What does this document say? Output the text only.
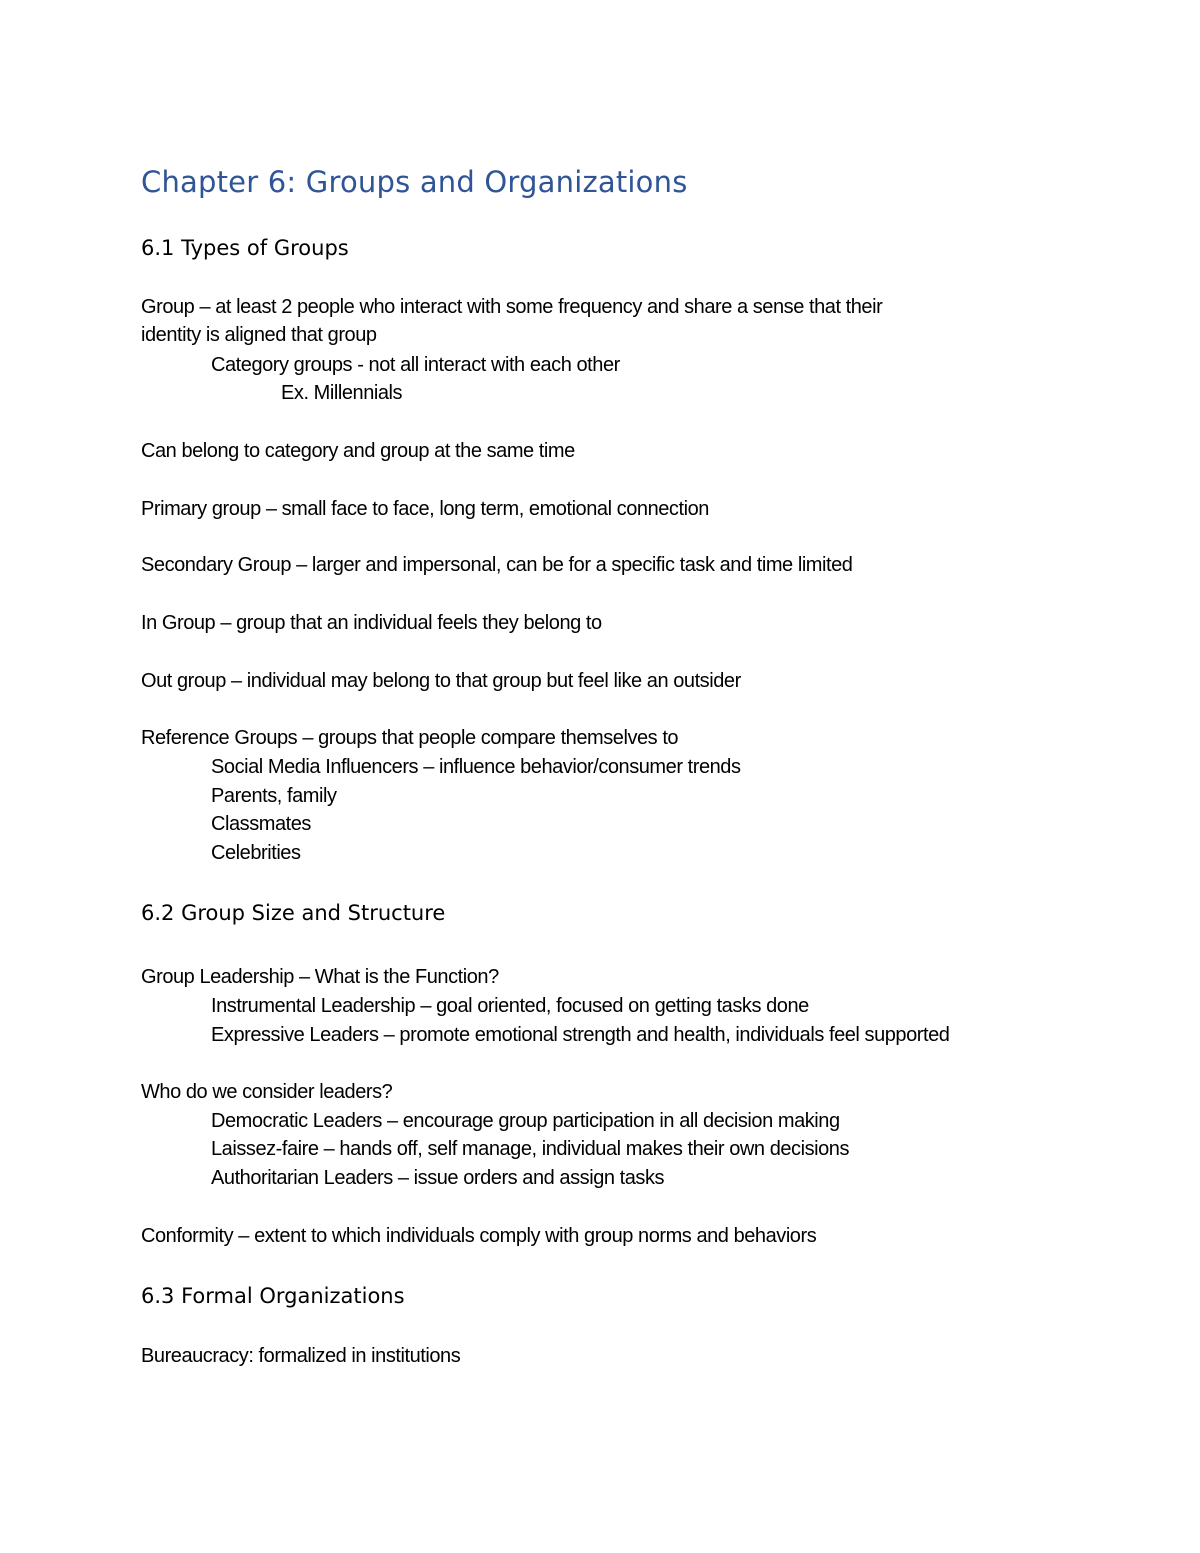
Chapter 6: Groups and Organizations
6.1 Types of Groups

Group – at least 2 people who interact with some frequency and share a sense that their

identity is aligned that group

Category groups - not all interact with each other

Ex. Millennials

Can belong to category and group at the same time

Primary group – small face to face, long term, emotional connection

Secondary Group – larger and impersonal, can be for a specific task and time limited

In Group – group that an individual feels they belong to

Out group – individual may belong to that group but feel like an outsider

Reference Groups – groups that people compare themselves to

Social Media Influencers – influence behavior/consumer trends

Parents, family

Classmates

Celebrities

6.2 Group Size and Structure

Group Leadership – What is the Function?

Instrumental Leadership – goal oriented, focused on getting tasks done

Expressive Leaders – promote emotional strength and health, individuals feel supported

Who do we consider leaders?

Democratic Leaders – encourage group participation in all decision making

Laissez-faire – hands off, self manage, individual makes their own decisions

Authoritarian Leaders – issue orders and assign tasks

Conformity – extent to which individuals comply with group norms and behaviors

6.3 Formal Organizations

Bureaucracy: formalized in institutions
